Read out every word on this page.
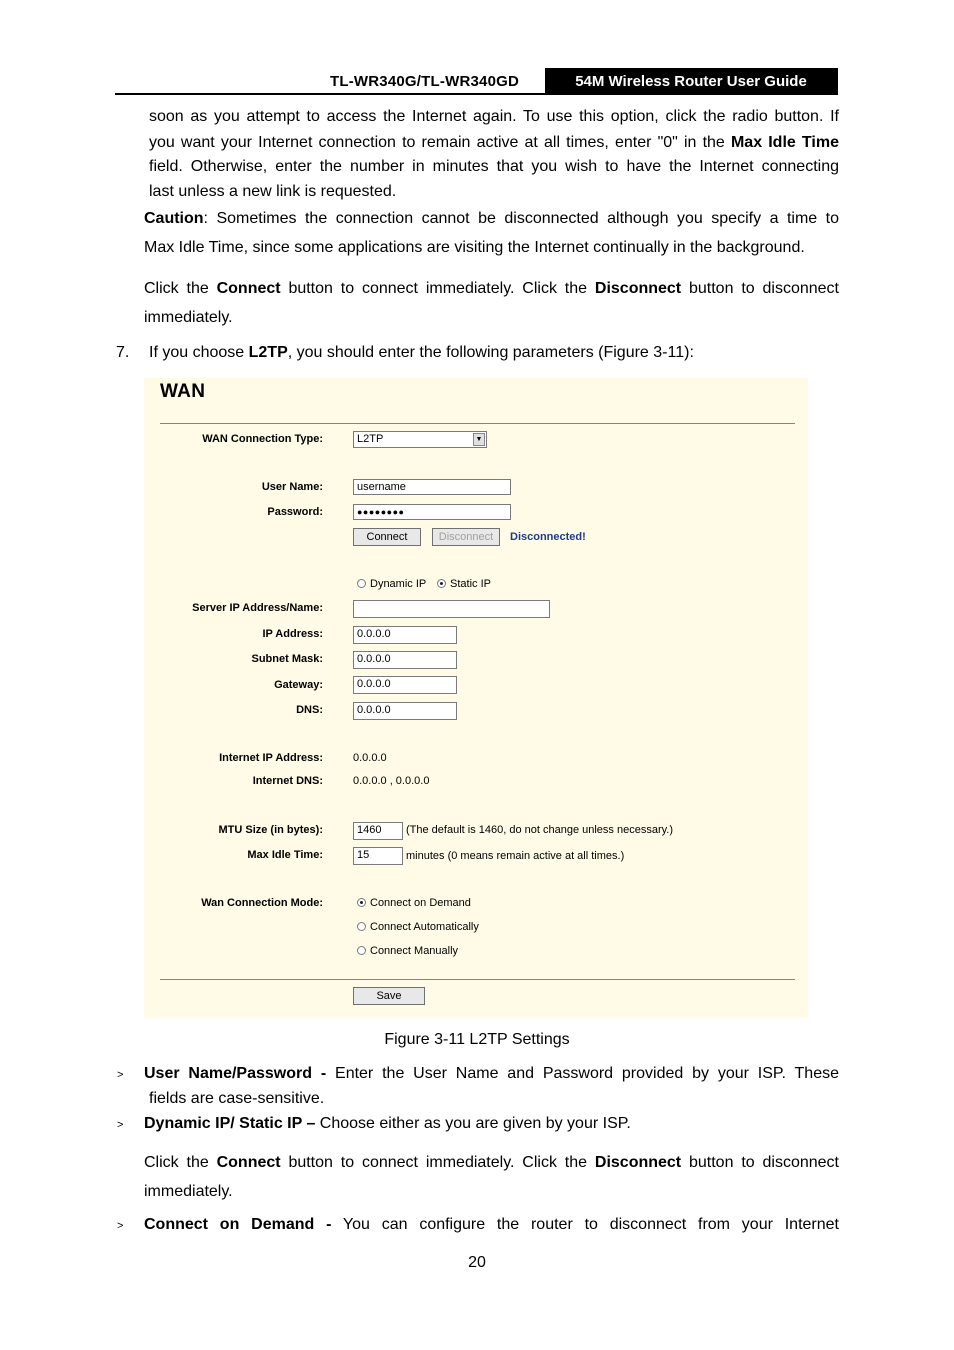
TL-WR340G/TL-WR340GD	54M Wireless Router User Guide
soon as you attempt to access the Internet again. To use this option, click the radio button. If
you want your Internet connection to remain active at all times, enter "0" in the Max Idle Time
field. Otherwise, enter the number in minutes that you wish to have the Internet connecting
last unless a new link is requested.
Caution: Sometimes the connection cannot be disconnected although you specify a time to
Max Idle Time, since some applications are visiting the Internet continually in the background.
Click the Connect button to connect immediately. Click the Disconnect button to disconnect
immediately.
7. If you choose L2TP, you should enter the following parameters (Figure 3-11):
WAN
WAN Connection Type:	L2TP	▼
User Name:	username
Password:	●●●●●●●●
Connect	Disconnect	Disconnected!
Dynamic IP	Static IP
Server IP Address/Name:
IP Address:	0.0.0.0
Subnet Mask:	0.0.0.0
Gateway:	0.0.0.0
DNS:	0.0.0.0
Internet IP Address:	0.0.0.0
Internet DNS:	0.0.0.0 , 0.0.0.0
MTU Size (in bytes):	1460	(The default is 1460, do not change unless necessary.)
Max Idle Time:	15	minutes (0 means remain active at all times.)
Wan Connection Mode:	Connect on Demand
Connect Automatically
Connect Manually
Save
Figure 3-11 L2TP Settings
> User Name/Password - Enter the User Name and Password provided by your ISP. These
fields are case-sensitive.
> Dynamic IP/ Static IP – Choose either as you are given by your ISP.
Click the Connect button to connect immediately. Click the Disconnect button to disconnect
immediately.
> Connect on Demand - You can configure the router to disconnect from your Internet
20
